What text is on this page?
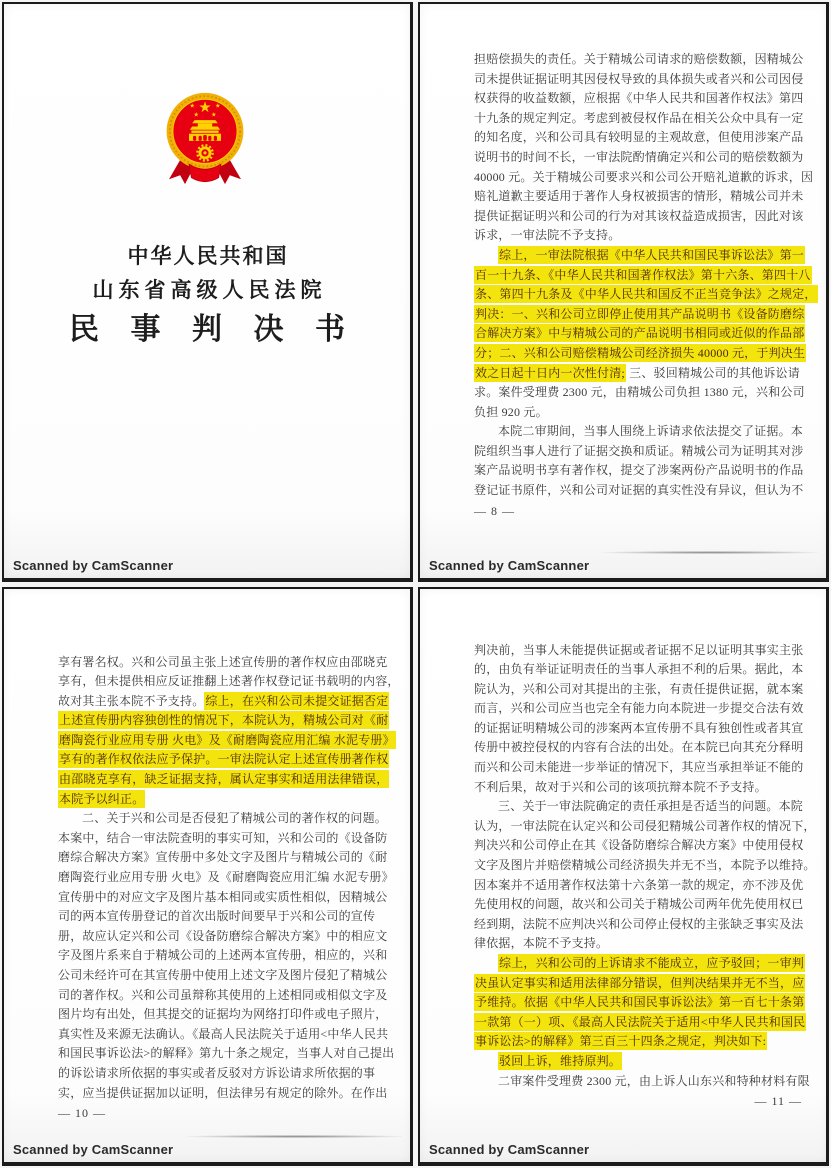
中华人民共和国
山东省高级人民法院
民 事 判 决 书
Scanned by CamScanner
担赔偿损失的责任。关于精城公司请求的赔偿数额，因精城公
司未提供证据证明其因侵权导致的具体损失或者兴和公司因侵
权获得的收益数额，应根据《中华人民共和国著作权法》第四
十九条的规定判定。考虑到被侵权作品在相关公众中具有一定
的知名度，兴和公司具有较明显的主观故意，但使用涉案产品
说明书的时间不长，一审法院酌情确定兴和公司的赔偿数额为
40000 元。关于精城公司要求兴和公司公开赔礼道歉的诉求，因
赔礼道歉主要适用于著作人身权被损害的情形，精城公司并未
提供证据证明兴和公司的行为对其该权益造成损害，因此对该
诉求，一审法院不予支持。
综上，一审法院根据《中华人民共和国民事诉讼法》第一
百一十九条、《中华人民共和国著作权法》第十六条、第四十八
条、第四十九条及《中华人民共和国反不正当竞争法》之规定，
判决：一、兴和公司立即停止使用其产品说明书《设备防磨综
合解决方案》中与精城公司的产品说明书相同或近似的作品部
分；二、兴和公司赔偿精城公司经济损失 40000 元，于判决生
效之日起十日内一次性付清; 三、驳回精城公司的其他诉讼请
求。案件受理费 2300 元，由精城公司负担 1380 元，兴和公司
负担 920 元。
本院二审期间，当事人围绕上诉请求依法提交了证据。本
院组织当事人进行了证据交换和质证。精城公司为证明其对涉
案产品说明书享有著作权，提交了涉案两份产品说明书的作品
登记证书原件，兴和公司对证据的真实性没有异议，但认为不
— 8 —
Scanned by CamScanner
享有署名权。兴和公司虽主张上述宣传册的著作权应由邵晓克
享有，但未提供相应反证推翻上述著作权登记证书载明的内容，
故对其主张本院不予支持。综上，在兴和公司未提交证据否定
上述宣传册内容独创性的情况下，本院认为，精城公司对《耐
磨陶瓷行业应用专册 火电》及《耐磨陶瓷应用汇编 水泥专册》
享有的著作权依法应予保护。一审法院认定上述宣传册著作权
由邵晓克享有，缺乏证据支持，属认定事实和适用法律错误，
本院予以纠正。
二、关于兴和公司是否侵犯了精城公司的著作权的问题。
本案中，结合一审法院查明的事实可知，兴和公司的《设备防
磨综合解决方案》宣传册中多处文字及图片与精城公司的《耐
磨陶瓷行业应用专册 火电》及《耐磨陶瓷应用汇编 水泥专册》
宣传册中的对应文字及图片基本相同或实质性相似，因精城公
司的两本宣传册登记的首次出版时间要早于兴和公司的宣传
册，故应认定兴和公司《设备防磨综合解决方案》中的相应文
字及图片系来自于精城公司的上述两本宣传册，相应的，兴和
公司未经许可在其宣传册中使用上述文字及图片侵犯了精城公
司的著作权。兴和公司虽辩称其使用的上述相同或相似文字及
图片均有出处，但其提交的证据均为网络打印件或电子照片，
真实性及来源无法确认。《最高人民法院关于适用<中华人民共
和国民事诉讼法>的解释》第九十条之规定，当事人对自己提出
的诉讼请求所依据的事实或者反驳对方诉讼请求所依据的事
实，应当提供证据加以证明，但法律另有规定的除外。在作出
— 10 —
Scanned by CamScanner
判决前，当事人未能提供证据或者证据不足以证明其事实主张
的，由负有举证证明责任的当事人承担不利的后果。据此，本
院认为，兴和公司对其提出的主张，有责任提供证据，就本案
而言，兴和公司应当也完全有能力向本院进一步提交合法有效
的证据证明精城公司的涉案两本宣传册不具有独创性或者其宣
传册中被控侵权的内容有合法的出处。在本院已向其充分释明
而兴和公司未能进一步举证的情况下，其应当承担举证不能的
不利后果，故对于兴和公司的该项抗辩本院不予支持。
三、关于一审法院确定的责任承担是否适当的问题。本院
认为，一审法院在认定兴和公司侵犯精城公司著作权的情况下，
判决兴和公司停止在其《设备防磨综合解决方案》中使用侵权
文字及图片并赔偿精城公司经济损失并无不当，本院予以维持。
因本案并不适用著作权法第十六条第一款的规定，亦不涉及优
先使用权的问题，故兴和公司关于精城公司两年优先使用权已
经到期，法院不应判决兴和公司停止侵权的主张缺乏事实及法
律依据，本院不予支持。
综上，兴和公司的上诉请求不能成立，应予驳回；一审判
决虽认定事实和适用法律部分错误，但判决结果并无不当，应
予维持。依据《中华人民共和国民事诉讼法》第一百七十条第
一款第（一）项、《最高人民法院关于适用<中华人民共和国民
事诉讼法>的解释》第三百三十四条之规定，判决如下:
驳回上诉，维持原判。
二审案件受理费 2300 元，由上诉人山东兴和特种材料有限
— 11 —
Scanned by CamScanner
